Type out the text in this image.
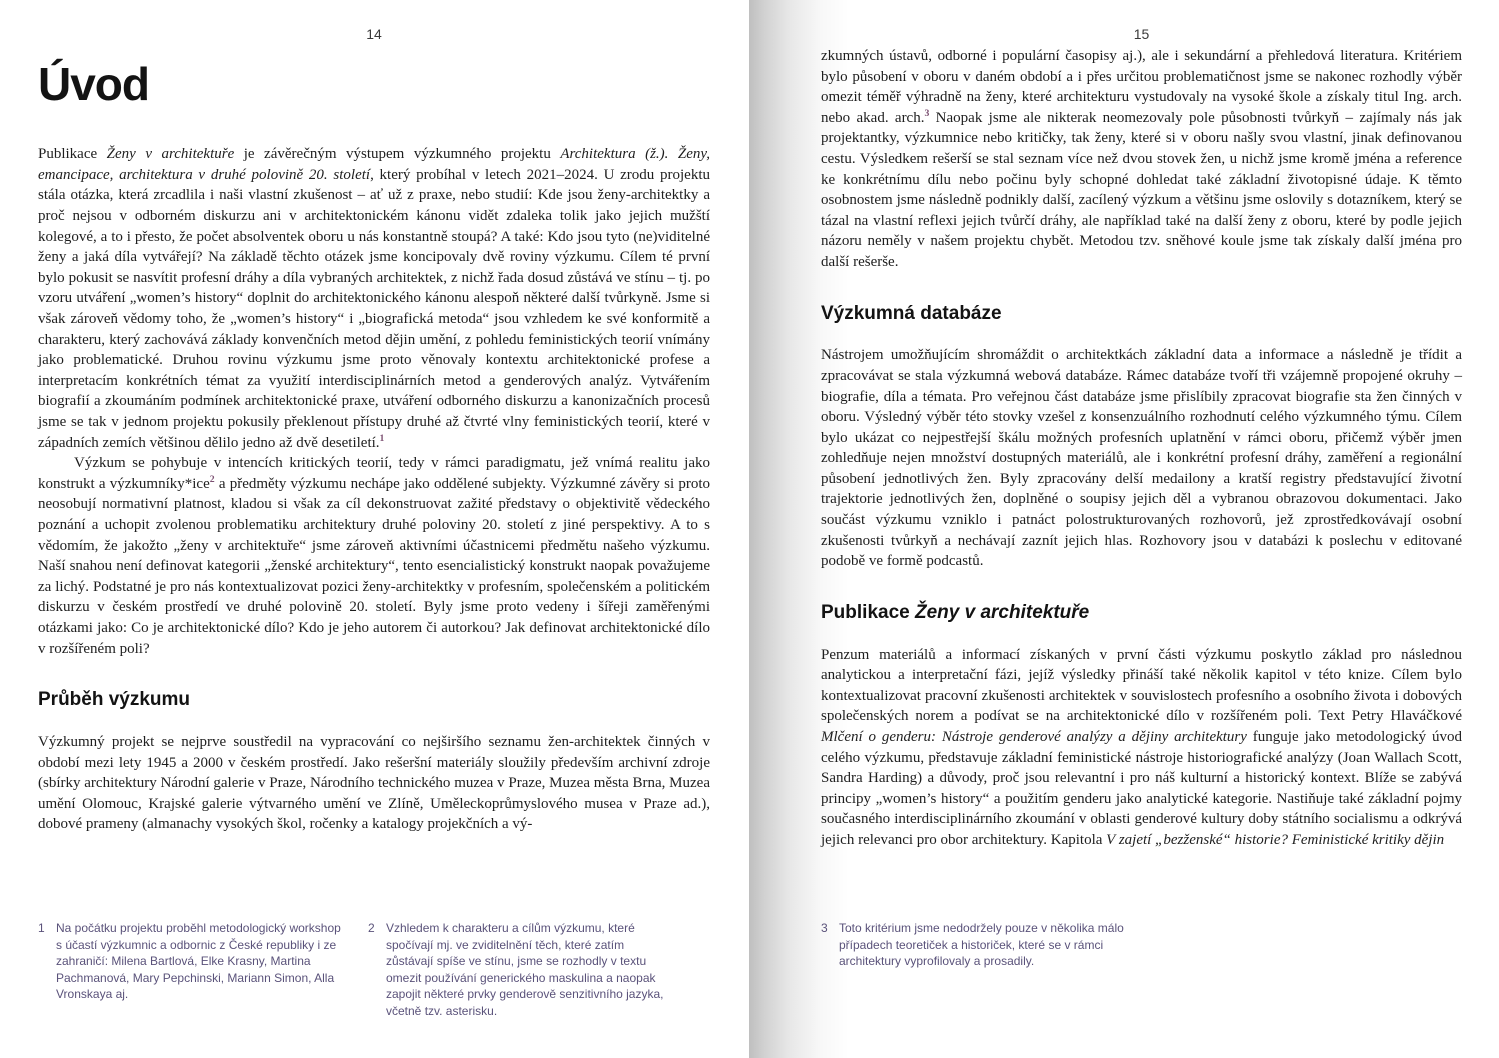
14
Úvod

Publikace Ženy v architektuře je závěrečným výstupem výzkumného projektu Architektura (ž.). Ženy, emancipace, architektura v druhé polovině 20. století, který probíhal v letech 2021–2024. U zrodu projektu stála otázka, která zrcadlila i naši vlastní zkušenost – ať už z praxe, nebo studií: Kde jsou ženy-architektky a proč nejsou v odborném diskurzu ani v architektonickém kánonu vidět zdaleka tolik jako jejich mužští kolegové, a to i přesto, že počet absolventek oboru u nás konstantně stoupá? A také: Kdo jsou tyto (ne)viditelné ženy a jaká díla vytvářejí? Na základě těchto otázek jsme koncipovaly dvě roviny výzkumu. Cílem té první bylo pokusit se nasvítit profesní dráhy a díla vybraných architektek, z nichž řada dosud zůstává ve stínu – tj. po vzoru utváření „women’s history“ doplnit do architektonického kánonu alespoň některé další tvůrkyně. Jsme si však zároveň vědomy toho, že „women’s history“ i „biografická metoda“ jsou vzhledem ke své konformitě a charakteru, který zachovává základy konvenčních metod dějin umění, z pohledu feministických teorií vnímány jako problematické. Druhou rovinu výzkumu jsme proto věnovaly kontextu architektonické profese a interpretacím konkrétních témat za využití interdisciplinárních metod a genderových analýz. Vytvářením biografií a zkoumáním podmínek architektonické praxe, utváření odborného diskurzu a kanonizačních procesů jsme se tak v jednom projektu pokusily překlenout přístupy druhé až čtvrté vlny feministických teorií, které v západních zemích většinou dělilo jedno až dvě desetiletí.$^1$

Výzkum se pohybuje v intencích kritických teorií, tedy v rámci paradigmatu, jež vnímá realitu jako konstrukt a výzkumníky*ice$^2$ a předměty výzkumu nechápe jako oddělené subjekty. Výzkumné závěry si proto neosobují normativní platnost, kladou si však za cíl dekonstruovat zažité představy o objektivitě vědeckého poznání a uchopit zvolenou problematiku architektury druhé poloviny 20. století z jiné perspektivy. A to s vědomím, že jakožto „ženy v architektuře“ jsme zároveň aktivními účastnicemi předmětu našeho výzkumu. Naší snahou není definovat kategorii „ženské architektury“, tento esencialistický konstrukt naopak považujeme za lichý. Podstatné je pro nás kontextualizovat pozici ženy-architektky v profesním, společenském a politickém diskurzu v českém prostředí ve druhé polovině 20. století. Byly jsme proto vedeny i šířeji zaměřenými otázkami jako: Co je architektonické dílo? Kdo je jeho autorem či autorkou? Jak definovat architektonické dílo v rozšířeném poli?

Průběh výzkumu

Výzkumný projekt se nejprve soustředil na vypracování co nejširšího seznamu žen-architektek činných v období mezi lety 1945 a 2000 v českém prostředí. Jako rešeršní materiály sloužily především archivní zdroje (sbírky architektury Národní galerie v Praze, Národního technického muzea v Praze, Muzea města Brna, Muzea umění Olomouc, Krajské galerie výtvarného umění ve Zlíně, Uměleckoprůmyslového musea v Praze ad.), dobové prameny (almanachy vysokých škol, ročenky a katalogy projekčních a vý-

1 Na počátku projektu proběhl metodologický workshop s účastí výzkumnic a odbornic z České republiky i ze zahraničí: Milena Bartlová, Elke Krasny, Martina Pachmanová, Mary Pepchinski, Mariann Simon, Alla Vronskaya aj.
2 Vzhledem k charakteru a cílům výzkumu, které spočívají mj. ve zviditelnění těch, které zatím zůstávají spíše ve stínu, jsme se rozhodly v textu omezit používání generického maskulina a naopak zapojit některé prvky genderově senzitivního jazyka, včetně tzv. asterisku.
15

zkumných ústavů, odborné i populární časopisy aj.), ale i sekundární a přehledová literatura. Kritériem bylo působení v oboru v daném období a i přes určitou problematičnost jsme se nakonec rozhodly výběr omezit téměř výhradně na ženy, které architekturu vystudovaly na vysoké škole a získaly titul Ing. arch. nebo akad. arch.$^3$ Naopak jsme ale nikterak neomezovaly pole působnosti tvůrkyň – zajímaly nás jak projektantky, výzkumnice nebo kritičky, tak ženy, které si v oboru našly svou vlastní, jinak definovanou cestu. Výsledkem rešerší se stal seznam více než dvou stovek žen, u nichž jsme kromě jména a reference ke konkrétnímu dílu nebo počinu byly schopné dohledat také základní životopisné údaje. K těmto osobnostem jsme následně podnikly další, zacílený výzkum a většinu jsme oslovily s dotazníkem, který se tázal na vlastní reflexi jejich tvůrčí dráhy, ale například také na další ženy z oboru, které by podle jejich názoru neměly v našem projektu chybět. Metodou tzv. sněhové koule jsme tak získaly další jména pro další rešerše.

Výzkumná databáze

Nástrojem umožňujícím shromáždit o architektkách základní data a informace a následně je třídit a zpracovávat se stala výzkumná webová databáze. Rámec databáze tvoří tři vzájemně propojené okruhy – biografie, díla a témata. Pro veřejnou část databáze jsme přislíbily zpracovat biografie sta žen činných v oboru. Výsledný výběr této stovky vzešel z konsenzuálního rozhodnutí celého výzkumného týmu. Cílem bylo ukázat co nejpestřejší škálu možných profesních uplatnění v rámci oboru, přičemž výběr jmen zohledňuje nejen množství dostupných materiálů, ale i konkrétní profesní dráhy, zaměření a regionální působení jednotlivých žen. Byly zpracovány delší medailony a kratší registry představující životní trajektorie jednotlivých žen, doplněné o soupisy jejich děl a vybranou obrazovou dokumentaci. Jako součást výzkumu vzniklo i patnáct polostrukturovaných rozhovorů, jež zprostředkovávají osobní zkušenosti tvůrkyň a nechávají zaznít jejich hlas. Rozhovory jsou v databázi k poslechu v editované podobě ve formě podcastů.

Publikace Ženy v architektuře

Penzum materiálů a informací získaných v první části výzkumu poskytlo základ pro následnou analytickou a interpretační fázi, jejíž výsledky přináší také několik kapitol v této knize. Cílem bylo kontextualizovat pracovní zkušenosti architektek v souvislostech profesního a osobního života i dobových společenských norem a podívat se na architektonické dílo v rozšířeném poli. Text Petry Hlaváčkové Mlčení o genderu: Nástroje genderové analýzy a dějiny architektury funguje jako metodologický úvod celého výzkumu, představuje základní feministické nástroje historiografické analýzy (Joan Wallach Scott, Sandra Harding) a důvody, proč jsou relevantní i pro náš kulturní a historický kontext. Blíže se zabývá principy „women’s history“ a použitím genderu jako analytické kategorie. Nastiňuje také základní pojmy současného interdisciplinárního zkoumání v oblasti genderové kultury doby státního socialismu a odkrývá jejich relevanci pro obor architektury. Kapitola V zajetí „bezženské“ historie? Feministické kritiky dějin

3 Toto kritérium jsme nedodržely pouze v několika málo případech teoretiček a historiček, které se v rámci architektury vyprofilovaly a prosadily.
